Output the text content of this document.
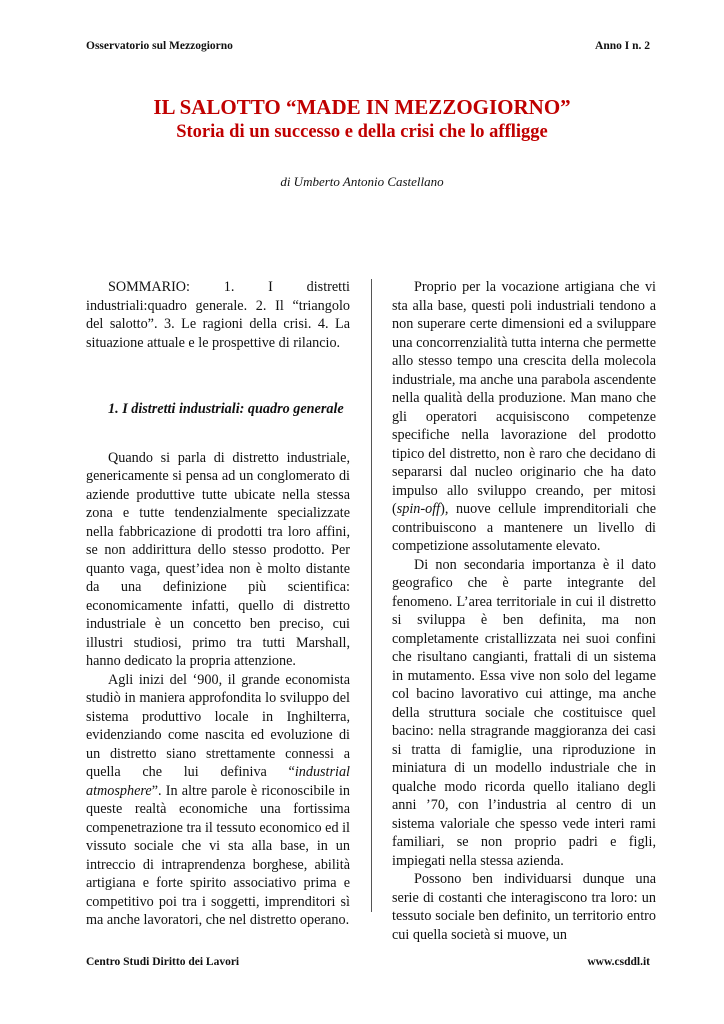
Osservatorio sul Mezzogiorno	Anno I n. 2
IL SALOTTO “MADE IN MEZZOGIORNO”
Storia di un successo e della crisi che lo affligge
di Umberto Antonio Castellano

SOMMARIO: 1. I distretti industriali:quadro generale. 2. Il “triangolo del salotto”. 3. Le ragioni della crisi. 4. La situazione attuale e le prospettive di rilancio.

1. I distretti industriali: quadro generale

Quando si parla di distretto industriale, genericamente si pensa ad un conglomerato di aziende produttive tutte ubicate nella stessa zona e tutte tendenzialmente specializzate nella fabbricazione di prodotti tra loro affini, se non addirittura dello stesso prodotto. Per quanto vaga, quest’idea non è molto distante da una definizione più scientifica: economicamente infatti, quello di distretto industriale è un concetto ben preciso, cui illustri studiosi, primo tra tutti Marshall, hanno dedicato la propria attenzione.

Agli inizi del ‘900, il grande economista studiò in maniera approfondita lo sviluppo del sistema produttivo locale in Inghilterra, evidenziando come nascita ed evoluzione di un distretto siano strettamente connessi a quella che lui definiva “industrial atmosphere”. In altre parole è riconoscibile in queste realtà economiche una fortissima compenetrazione tra il tessuto economico ed il vissuto sociale che vi sta alla base, in un intreccio di intraprendenza borghese, abilità artigiana e forte spirito associativo prima e competitivo poi tra i soggetti, imprenditori sì ma anche lavoratori, che nel distretto operano.

Proprio per la vocazione artigiana che vi sta alla base, questi poli industriali tendono a non superare certe dimensioni ed a sviluppare una concorrenzialità tutta interna che permette allo stesso tempo una crescita della molecola industriale, ma anche una parabola ascendente nella qualità della produzione. Man mano che gli operatori acquisiscono competenze specifiche nella lavorazione del prodotto tipico del distretto, non è raro che decidano di separarsi dal nucleo originario che ha dato impulso allo sviluppo creando, per mitosi (spin-off), nuove cellule imprenditoriali che contribuiscono a mantenere un livello di competizione assolutamente elevato.

Di non secondaria importanza è il dato geografico che è parte integrante del fenomeno. L’area territoriale in cui il distretto si sviluppa è ben definita, ma non completamente cristallizzata nei suoi confini che risultano cangianti, frattali di un sistema in mutamento. Essa vive non solo del legame col bacino lavorativo cui attinge, ma anche della struttura sociale che costituisce quel bacino: nella stragrande maggioranza dei casi si tratta di famiglie, una riproduzione in miniatura di un modello industriale che in qualche modo ricorda quello italiano degli anni ’70, con l’industria al centro di un sistema valoriale che spesso vede interi rami familiari, se non proprio padri e figli, impiegati nella stessa azienda.

Possono ben individuarsi dunque una serie di costanti che interagiscono tra loro: un tessuto sociale ben definito, un territorio entro cui quella società si muove, un

Centro Studi Diritto dei Lavori	www.csddl.it
